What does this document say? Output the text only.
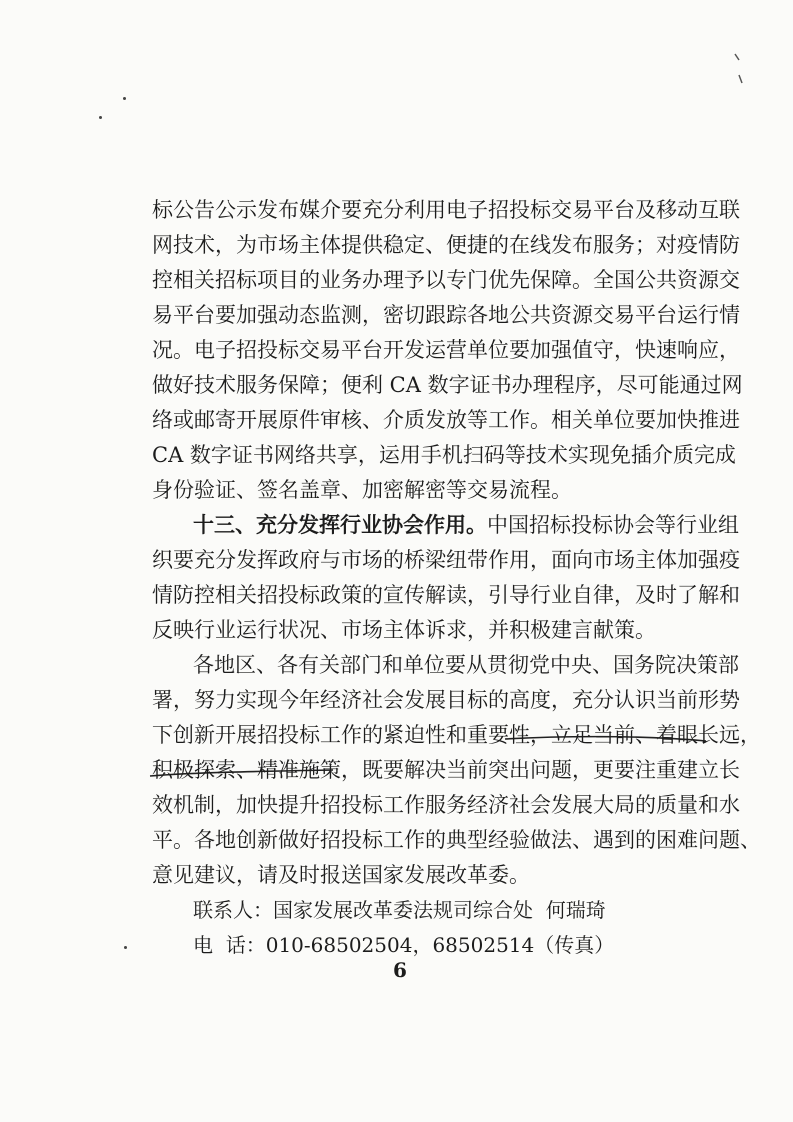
标公告公示发布媒介要充分利用电子招投标交易平台及移动互联
网技术，为市场主体提供稳定、便捷的在线发布服务；对疫情防
控相关招标项目的业务办理予以专门优先保障。全国公共资源交
易平台要加强动态监测，密切跟踪各地公共资源交易平台运行情
况。电子招投标交易平台开发运营单位要加强值守，快速响应，
做好技术服务保障；便利 CA 数字证书办理程序，尽可能通过网
络或邮寄开展原件审核、介质发放等工作。相关单位要加快推进
CA 数字证书网络共享，运用手机扫码等技术实现免插介质完成
身份验证、签名盖章、加密解密等交易流程。
十三、充分发挥行业协会作用。中国招标投标协会等行业组
织要充分发挥政府与市场的桥梁纽带作用，面向市场主体加强疫
情防控相关招投标政策的宣传解读，引导行业自律，及时了解和
反映行业运行状况、市场主体诉求，并积极建言献策。
各地区、各有关部门和单位要从贯彻党中央、国务院决策部
署，努力实现今年经济社会发展目标的高度，充分认识当前形势
下创新开展招投标工作的紧迫性和重要性，立足当前、着眼长远，
积极探索、精准施策，既要解决当前突出问题，更要注重建立长
效机制，加快提升招投标工作服务经济社会发展大局的质量和水
平。各地创新做好招投标工作的典型经验做法、遇到的困难问题、
意见建议，请及时报送国家发展改革委。
联系人：国家发展改革委法规司综合处  何瑞琦
电  话：010-68502504，68502514（传真）
6
